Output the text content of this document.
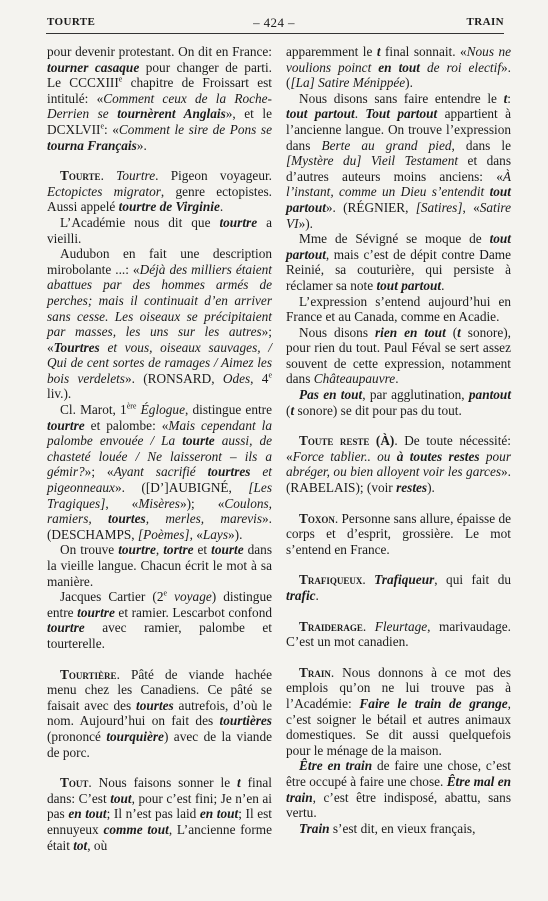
TOURTE	– 424 –	TRAIN

pour devenir protestant. On dit en France: tourner casaque pour changer de parti. Le CCCXIIIe chapitre de Froissart est intitulé: «Comment ceux de la Roche-Derrien se tournèrent Anglais», et le DCXLVIIe: «Comment le sire de Pons se tourna Français».

Tourte. Tourtre. Pigeon voyageur. Ectopictes migrator, genre ectopistes. Aussi appelé tourtre de Virginie.

L’Académie nous dit que tourtre a vieilli.

Audubon en fait une description mirobolante ...: «Déjà des milliers étaient abattues par des hommes armés de perches; mais il continuait d’en arriver sans cesse. Les oiseaux se précipitaient par masses, les uns sur les autres»; «Tourtres et vous, oiseaux sauvages, / Qui de cent sortes de ramages / Aimez les bois verdelets». (RONSARD, Odes, 4e liv.).

Cl. Marot, 1ère Églogue, distingue entre tourtre et palombe: «Mais cependant la palombe envouée / La tourte aussi, de chasteté louée / Ne laisseront – ils a gémir?»; «Ayant sacrifié tourtres et pigeonneaux». ([D’]AUBIGNÉ, [Les Tragiques], «Misères»); «Coulons, ramiers, tourtes, merles, marevis». (DESCHAMPS, [Poèmes], «Lays»).

On trouve tourtre, tortre et tourte dans la vieille langue. Chacun écrit le mot à sa manière.

Jacques Cartier (2e voyage) distingue entre tourtre et ramier. Lescarbot confond tourtre avec ramier, palombe et tourterelle.

Tourtière. Pâté de viande hachée menu chez les Canadiens. Ce pâté se faisait avec des tourtes autrefois, d’où le nom. Aujourd’hui on fait des tourtières (prononcé tourquière) avec de la viande de porc.

Tout. Nous faisons sonner le t final dans: C’est tout, pour c’est fini; Je n’en ai pas en tout; Il n’est pas laid en tout; Il est ennuyeux comme tout, L’ancienne forme était tot, où

apparemment le t final sonnait. «Nous ne voulions poinct en tout de roi electif». ([La] Satire Ménippée).

Nous disons sans faire entendre le t: tout partout. Tout partout appartient à l’ancienne langue. On trouve l’expression dans Berte au grand pied, dans le [Mystère du] Vieil Testament et dans d’autres auteurs moins anciens: «À l’instant, comme un Dieu s’entendit tout partout». (RÉGNIER, [Satires], «Satire VI»).

Mme de Sévigné se moque de tout partout, mais c’est de dépit contre Dame Reinié, sa couturière, qui persiste à réclamer sa note tout partout.

L’expression s’entend aujourd’hui en France et au Canada, comme en Acadie.

Nous disons rien en tout (t sonore), pour rien du tout. Paul Féval se sert assez souvent de cette expression, notamment dans Châteaupauvre.

Pas en tout, par agglutination, pantout (t sonore) se dit pour pas du tout.

Toute reste (À). De toute nécessité: «Force tablier.. ou à toutes restes pour abréger, ou bien alloyent voir les garces». (RABELAIS); (voir restes).

Toxon. Personne sans allure, épaisse de corps et d’esprit, grossière. Le mot s’entend en France.

Trafiqueux. Trafiqueur, qui fait du trafic.

Traiderage. Fleurtage, marivaudage. C’est un mot canadien.

Train. Nous donnons à ce mot des emplois qu’on ne lui trouve pas à l’Académie: Faire le train de grange, c’est soigner le bétail et autres animaux domestiques. Se dit aussi quelquefois pour le ménage de la maison.

Être en train de faire une chose, c’est être occupé à faire une chose. Être mal en train, c’est être indisposé, abattu, sans vertu.

Train s’est dit, en vieux français,
